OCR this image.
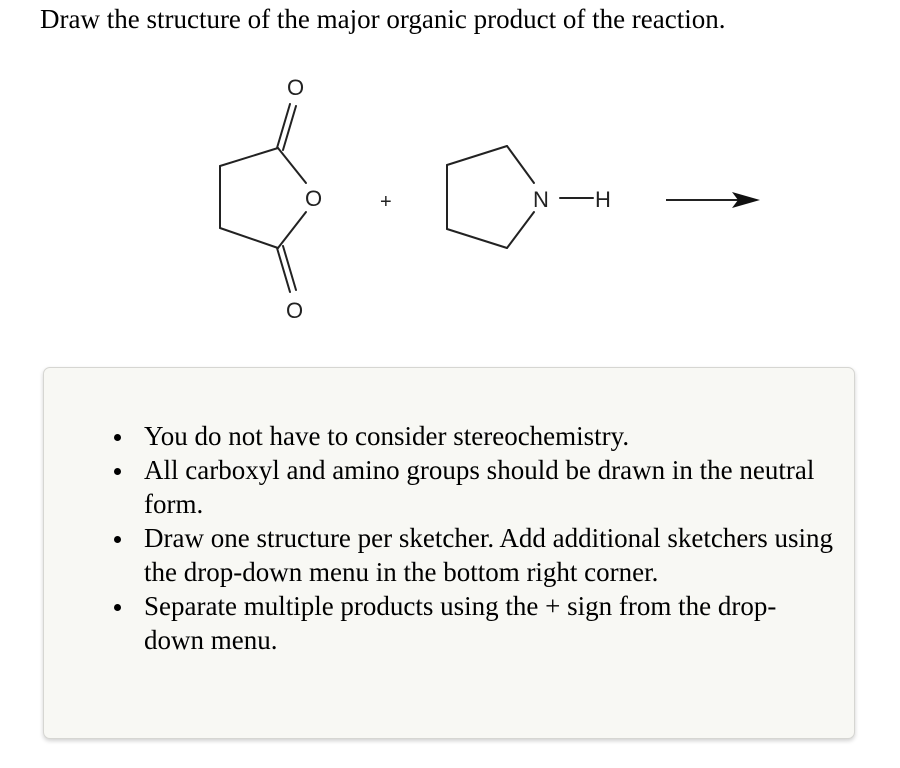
Draw the structure of the major organic product of the reaction.
O
O
O
+	N H
You do not have to consider stereochemistry.
All carboxyl and amino groups should be drawn in the neutral form.
Draw one structure per sketcher. Add additional sketchers using the drop-down menu in the bottom right corner.
Separate multiple products using the + sign from the drop-down menu.
